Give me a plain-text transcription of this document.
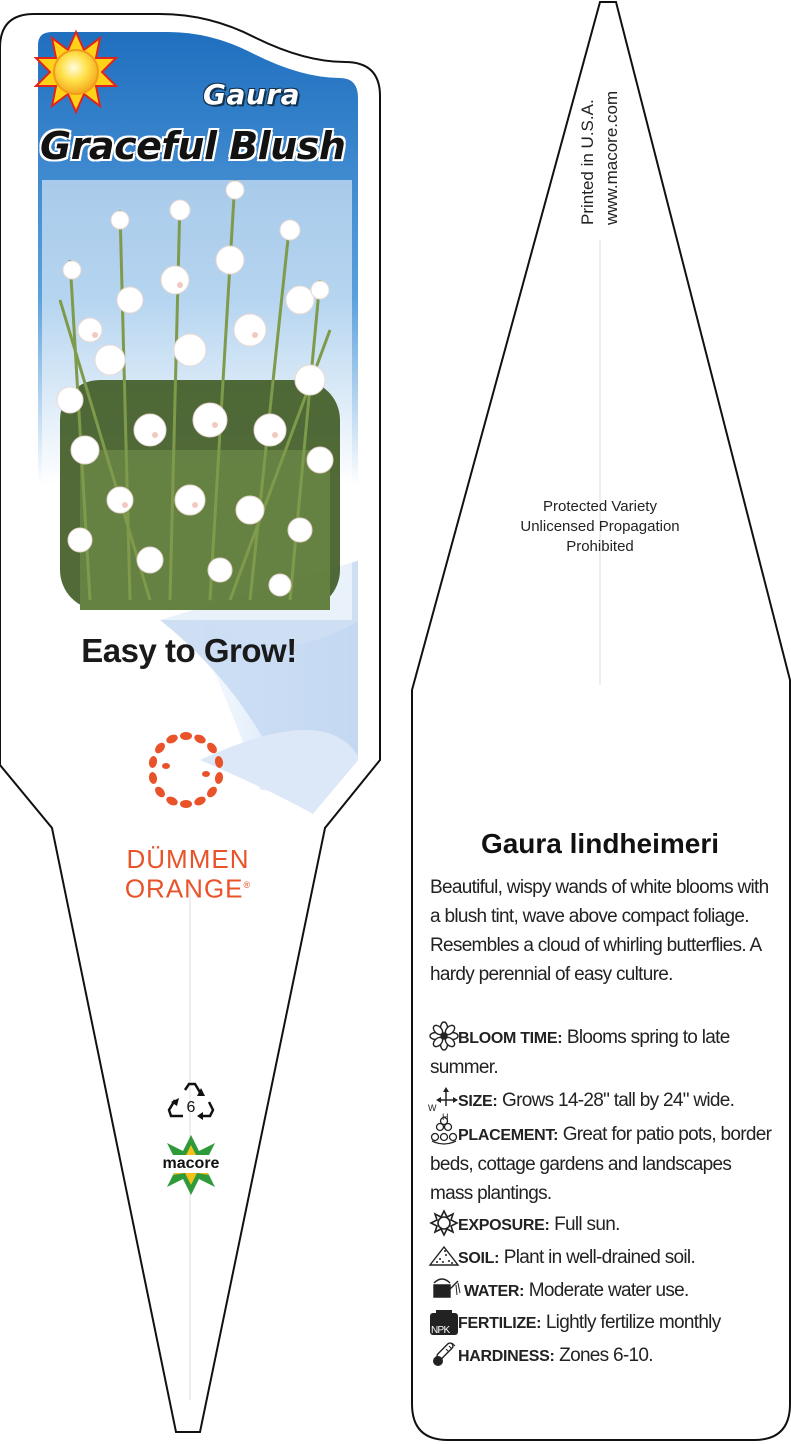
Gaura
Graceful Blush
Easy to Grow!
DÜMMEN
ORANGE®
6
macore
Printed in U.S.A. www.macore.com
Protected Variety
Unlicensed Propagation
Prohibited
Gaura lindheimeri
Beautiful, wispy wands of white blooms with a blush tint, wave above compact foliage. Resembles a cloud of whirling butterflies. A hardy perennial of easy culture.
BLOOM TIME: Blooms spring to late summer.
W
H
SIZE: Grows 14-28" tall by 24" wide.
PLACEMENT: Great for patio pots, border beds, cottage gardens and landscapes mass plantings.
EXPOSURE: Full sun.
SOIL: Plant in well-drained soil.
WATER: Moderate water use.
NPK FERTILIZE: Lightly fertilize monthly
HARDINESS: Zones 6-10.
